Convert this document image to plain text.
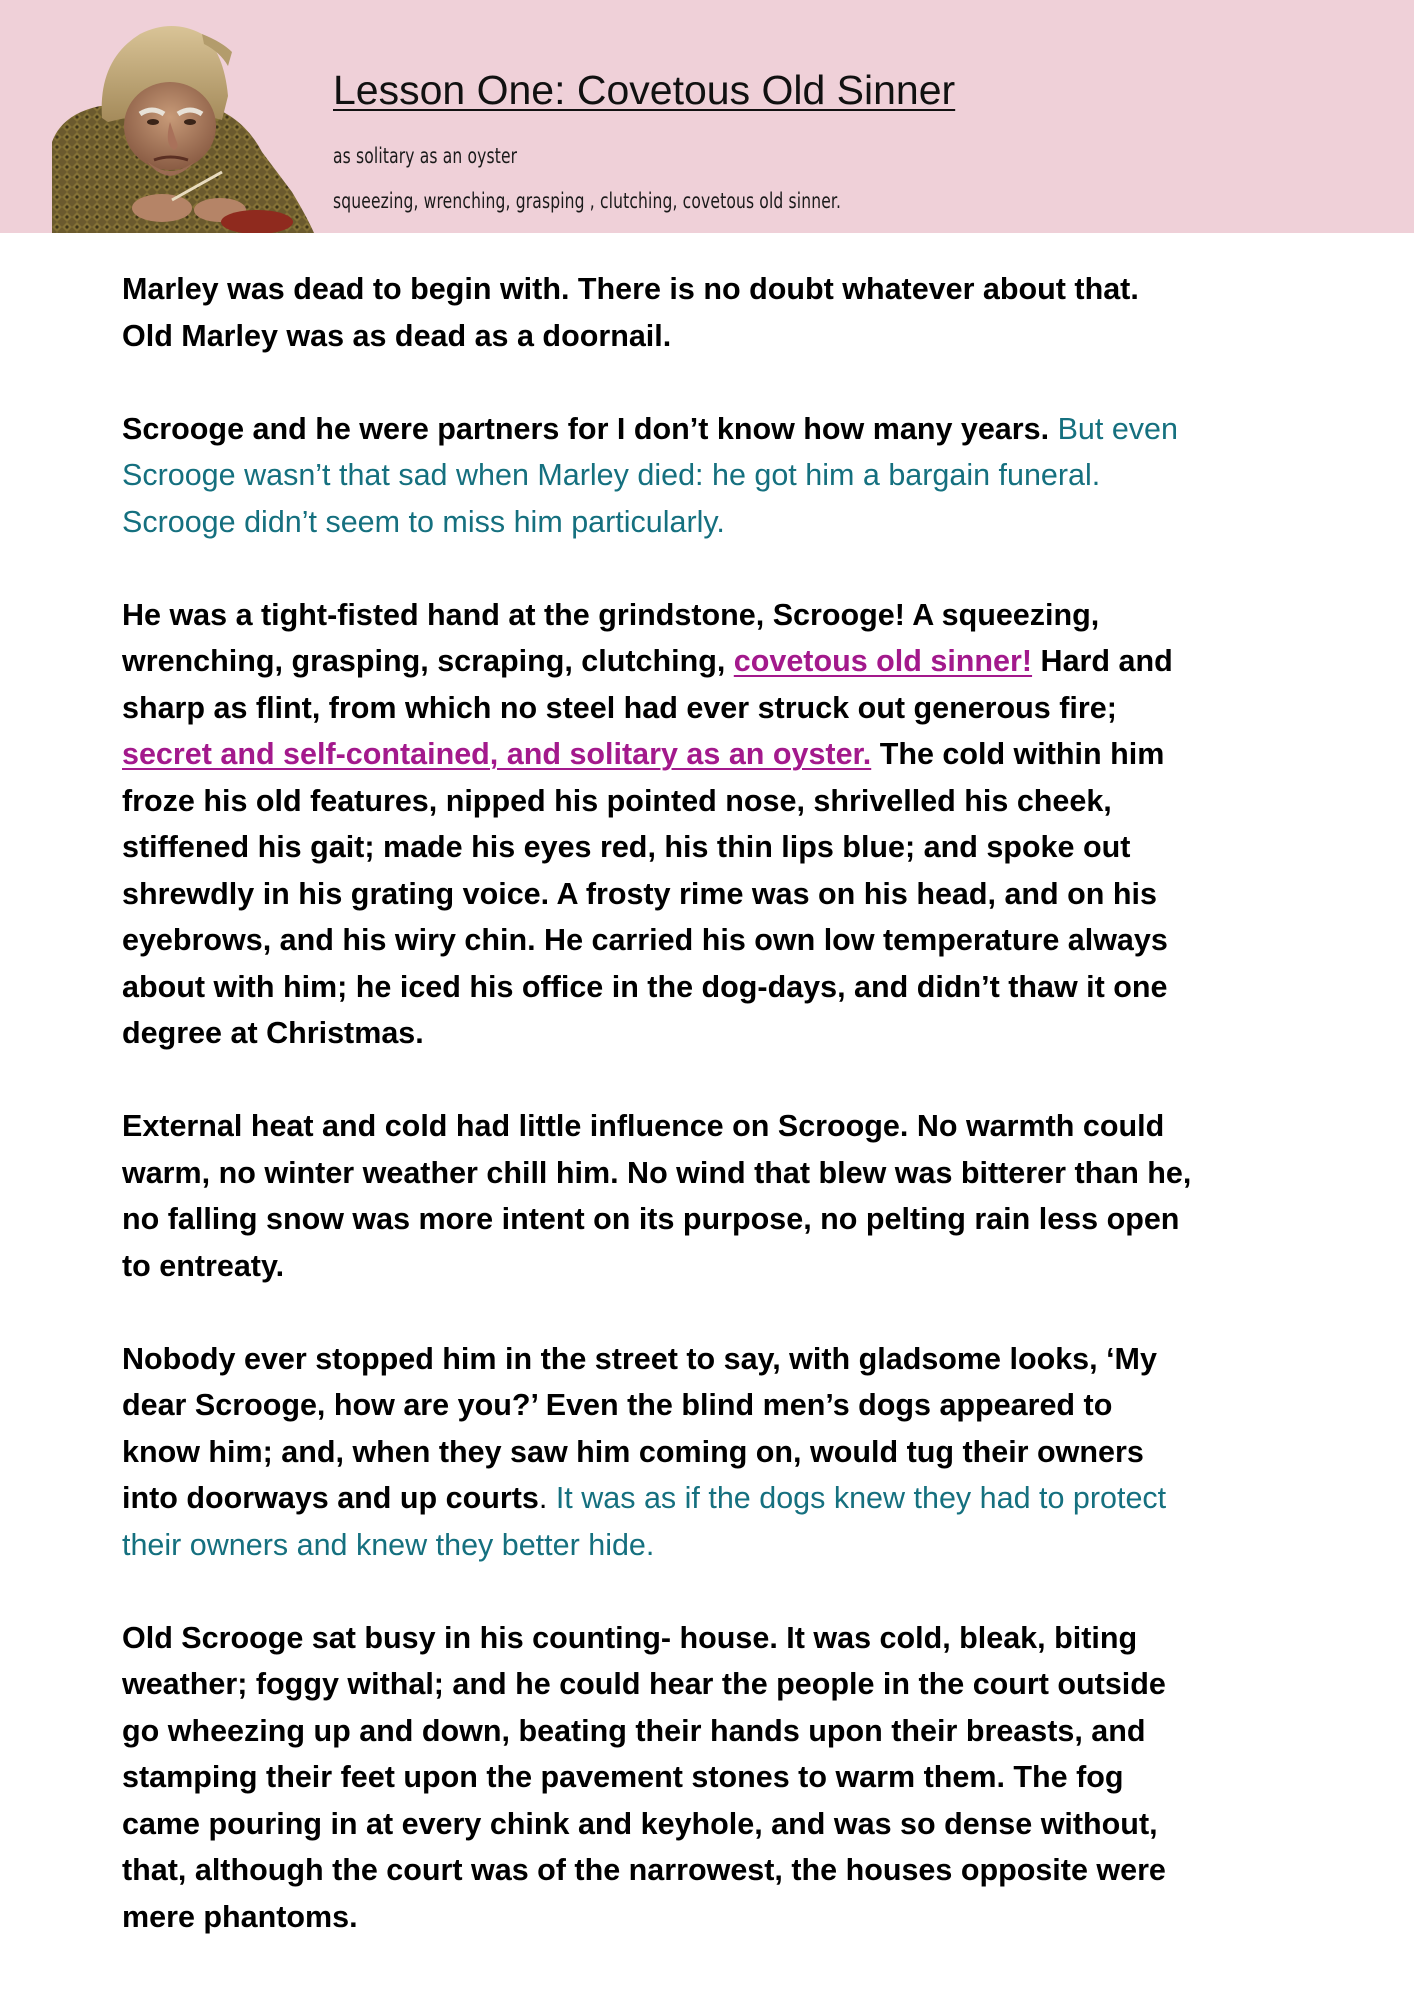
Lesson One: Covetous Old Sinner

as solitary as an oyster

squeezing, wrenching, grasping , clutching, covetous old sinner.

Marley was dead to begin with. There is no doubt whatever about that.
Old Marley was as dead as a doornail.

Scrooge and he were partners for I don’t know how many years. But even
Scrooge wasn’t that sad when Marley died: he got him a bargain funeral.
Scrooge didn’t seem to miss him particularly.

He was a tight-fisted hand at the grindstone, Scrooge! A squeezing,
wrenching, grasping, scraping, clutching, covetous old sinner! Hard and
sharp as flint, from which no steel had ever struck out generous fire;
secret and self-contained, and solitary as an oyster. The cold within him
froze his old features, nipped his pointed nose, shrivelled his cheek,
stiffened his gait; made his eyes red, his thin lips blue; and spoke out
shrewdly in his grating voice. A frosty rime was on his head, and on his
eyebrows, and his wiry chin. He carried his own low temperature always
about with him; he iced his office in the dog-days, and didn’t thaw it one
degree at Christmas.

External heat and cold had little influence on Scrooge. No warmth could
warm, no winter weather chill him. No wind that blew was bitterer than he,
no falling snow was more intent on its purpose, no pelting rain less open
to entreaty.

Nobody ever stopped him in the street to say, with gladsome looks, ‘My
dear Scrooge, how are you?’ Even the blind men’s dogs appeared to
know him; and, when they saw him coming on, would tug their owners
into doorways and up courts. It was as if the dogs knew they had to protect
their owners and knew they better hide.

Old Scrooge sat busy in his counting- house. It was cold, bleak, biting
weather; foggy withal; and he could hear the people in the court outside
go wheezing up and down, beating their hands upon their breasts, and
stamping their feet upon the pavement stones to warm them. The fog
came pouring in at every chink and keyhole, and was so dense without,
that, although the court was of the narrowest, the houses opposite were
mere phantoms.
